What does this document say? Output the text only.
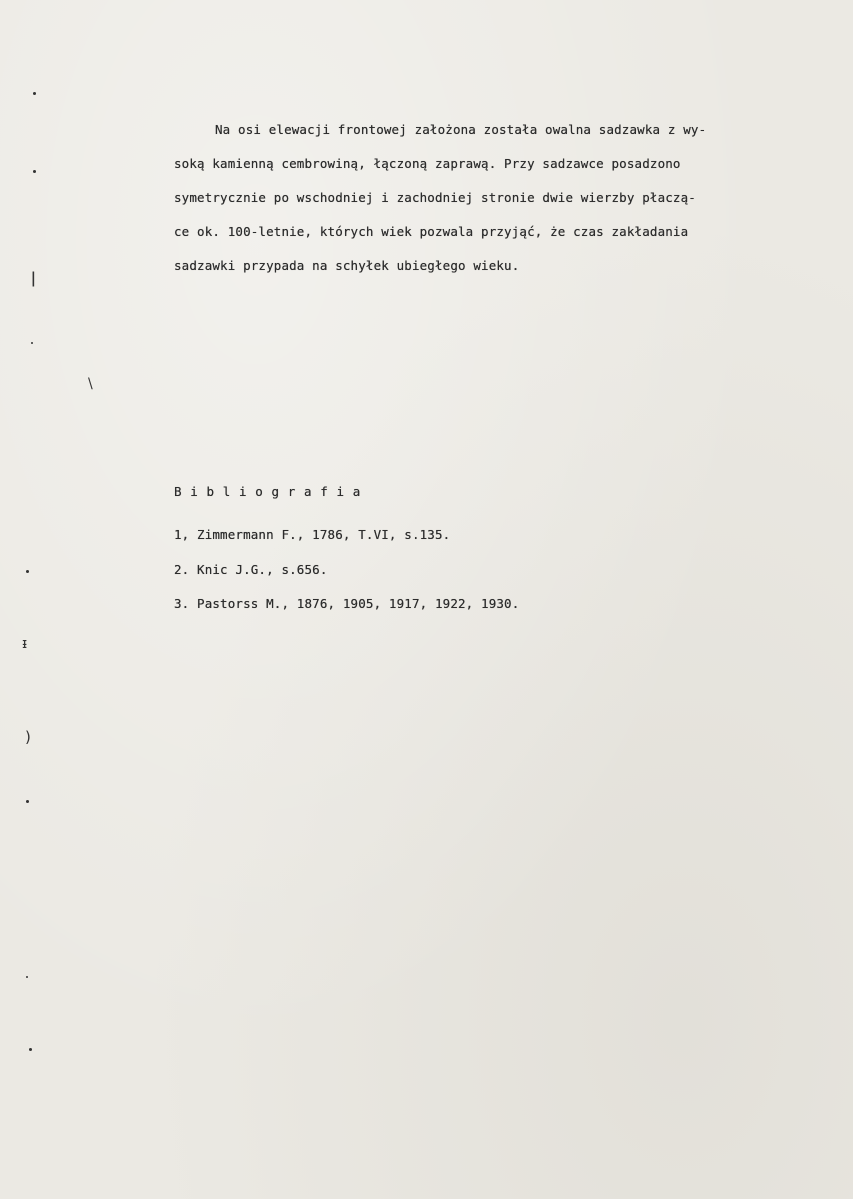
ǀ
\
ᵻ
)
Na osi elewacji frontowej założona została owalna sadzawka z wy-
soką kamienną cembrowiną, łączoną zaprawą. Przy sadzawce posadzono
symetrycznie po wschodniej i zachodniej stronie dwie wierzby płaczą-
ce ok. 100-letnie, których wiek pozwala przyjąć, że czas zakładania
sadzawki przypada na schyłek ubiegłego wieku.
B i b l i o g r a f i a
1, Zimmermann F., 1786, T.VI, s.135.
2. Knic J.G., s.656.
3. Pastorss M., 1876, 1905, 1917, 1922, 1930.
